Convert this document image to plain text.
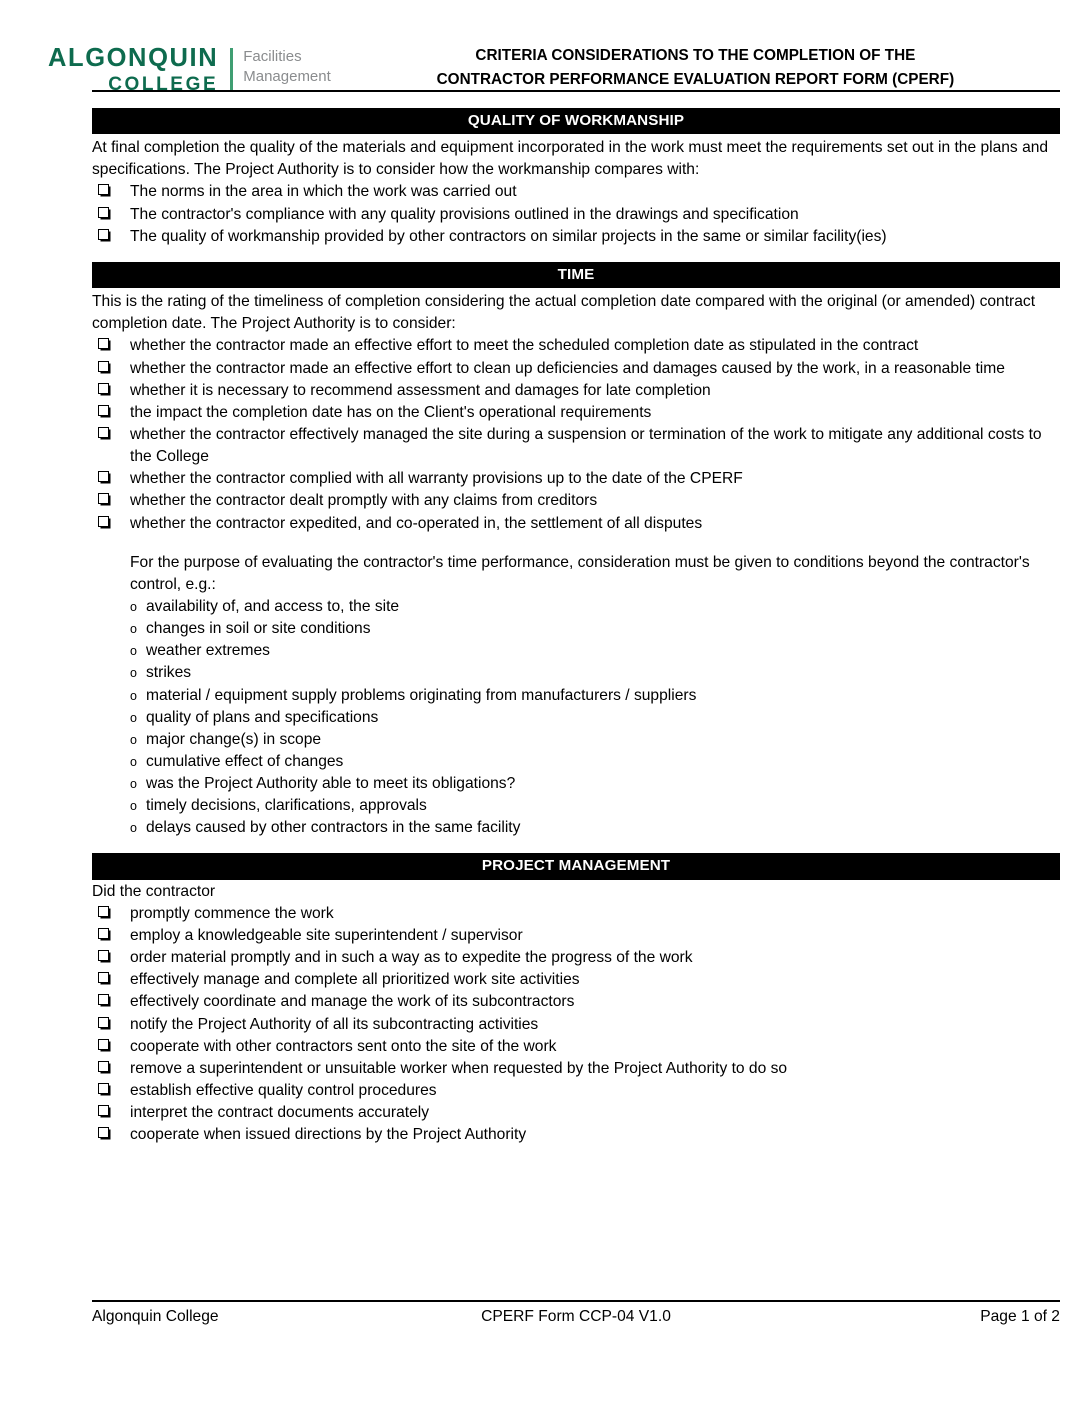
ALGONQUIN
COLLEGE
Facilities
Management
CRITERIA CONSIDERATIONS TO THE COMPLETION OF THE
CONTRACTOR PERFORMANCE EVALUATION REPORT FORM (CPERF)
QUALITY OF WORKMANSHIP

At final completion the quality of the materials and equipment incorporated in the work must meet the requirements set out in the plans and specifications. The Project Authority is to consider how the workmanship compares with:

The norms in the area in which the work was carried out
The contractor's compliance with any quality provisions outlined in the drawings and specification
The quality of workmanship provided by other contractors on similar projects in the same or similar facility(ies)
TIME

This is the rating of the timeliness of completion considering the actual completion date compared with the original (or amended) contract completion date. The Project Authority is to consider:

whether the contractor made an effective effort to meet the scheduled completion date as stipulated in the contract
whether the contractor made an effective effort to clean up deficiencies and damages caused by the work, in a reasonable time
whether it is necessary to recommend assessment and damages for late completion
the impact the completion date has on the Client's operational requirements
whether the contractor effectively managed the site during a suspension or termination of the work to mitigate any additional costs to the College
whether the contractor complied with all warranty provisions up to the date of the CPERF
whether the contractor dealt promptly with any claims from creditors
whether the contractor expedited, and co-operated in, the settlement of all disputes

For the purpose of evaluating the contractor's time performance, consideration must be given to conditions beyond the contractor's control, e.g.:

o availability of, and access to, the site
o changes in soil or site conditions
o weather extremes
o strikes
o material / equipment supply problems originating from manufacturers / suppliers
o quality of plans and specifications
o major change(s) in scope
o cumulative effect of changes
o was the Project Authority able to meet its obligations?
o timely decisions, clarifications, approvals
o delays caused by other contractors in the same facility
PROJECT MANAGEMENT

Did the contractor

promptly commence the work
employ a knowledgeable site superintendent / supervisor
order material promptly and in such a way as to expedite the progress of the work
effectively manage and complete all prioritized work site activities
effectively coordinate and manage the work of its subcontractors
notify the Project Authority of all its subcontracting activities
cooperate with other contractors sent onto the site of the work
remove a superintendent or unsuitable worker when requested by the Project Authority to do so
establish effective quality control procedures
interpret the contract documents accurately
cooperate when issued directions by the Project Authority
Algonquin College	CPERF Form CCP-04 V1.0	Page 1 of 2
